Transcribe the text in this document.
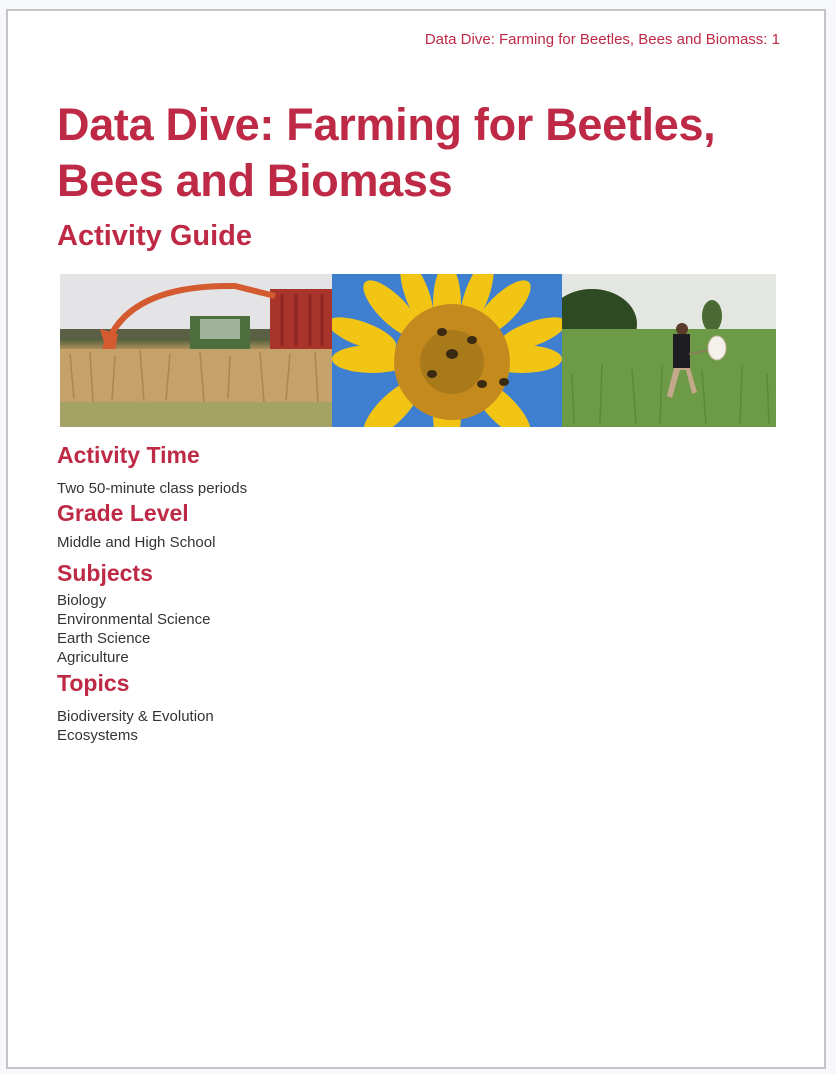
Data Dive: Farming for Beetles, Bees and Biomass: 1
Data Dive: Farming for Beetles, Bees and Biomass
Activity Guide
Activity Time
Two 50-minute class periods
Grade Level
Middle and High School
Subjects
Biology
Environmental Science
Earth Science
Agriculture
Topics
Biodiversity & Evolution
Ecosystems
